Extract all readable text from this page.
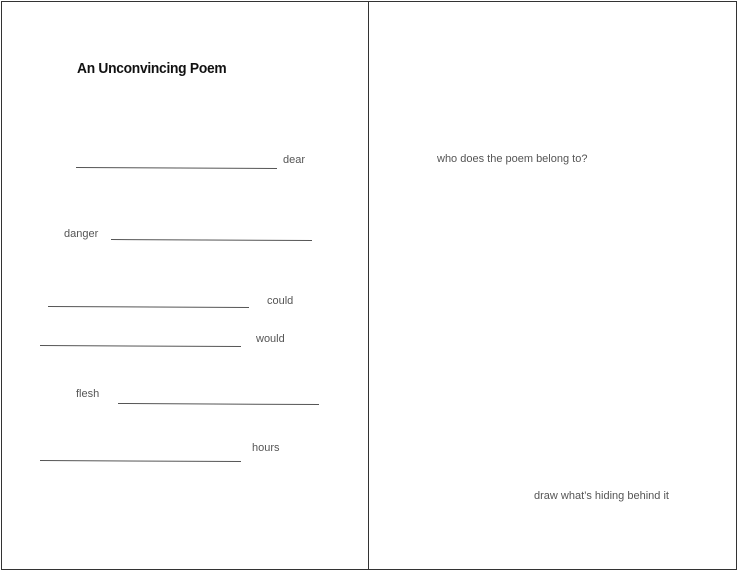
An Unconvincing Poem
dear
danger
could
would
flesh
hours
who does the poem belong to?
draw what’s hiding behind it
